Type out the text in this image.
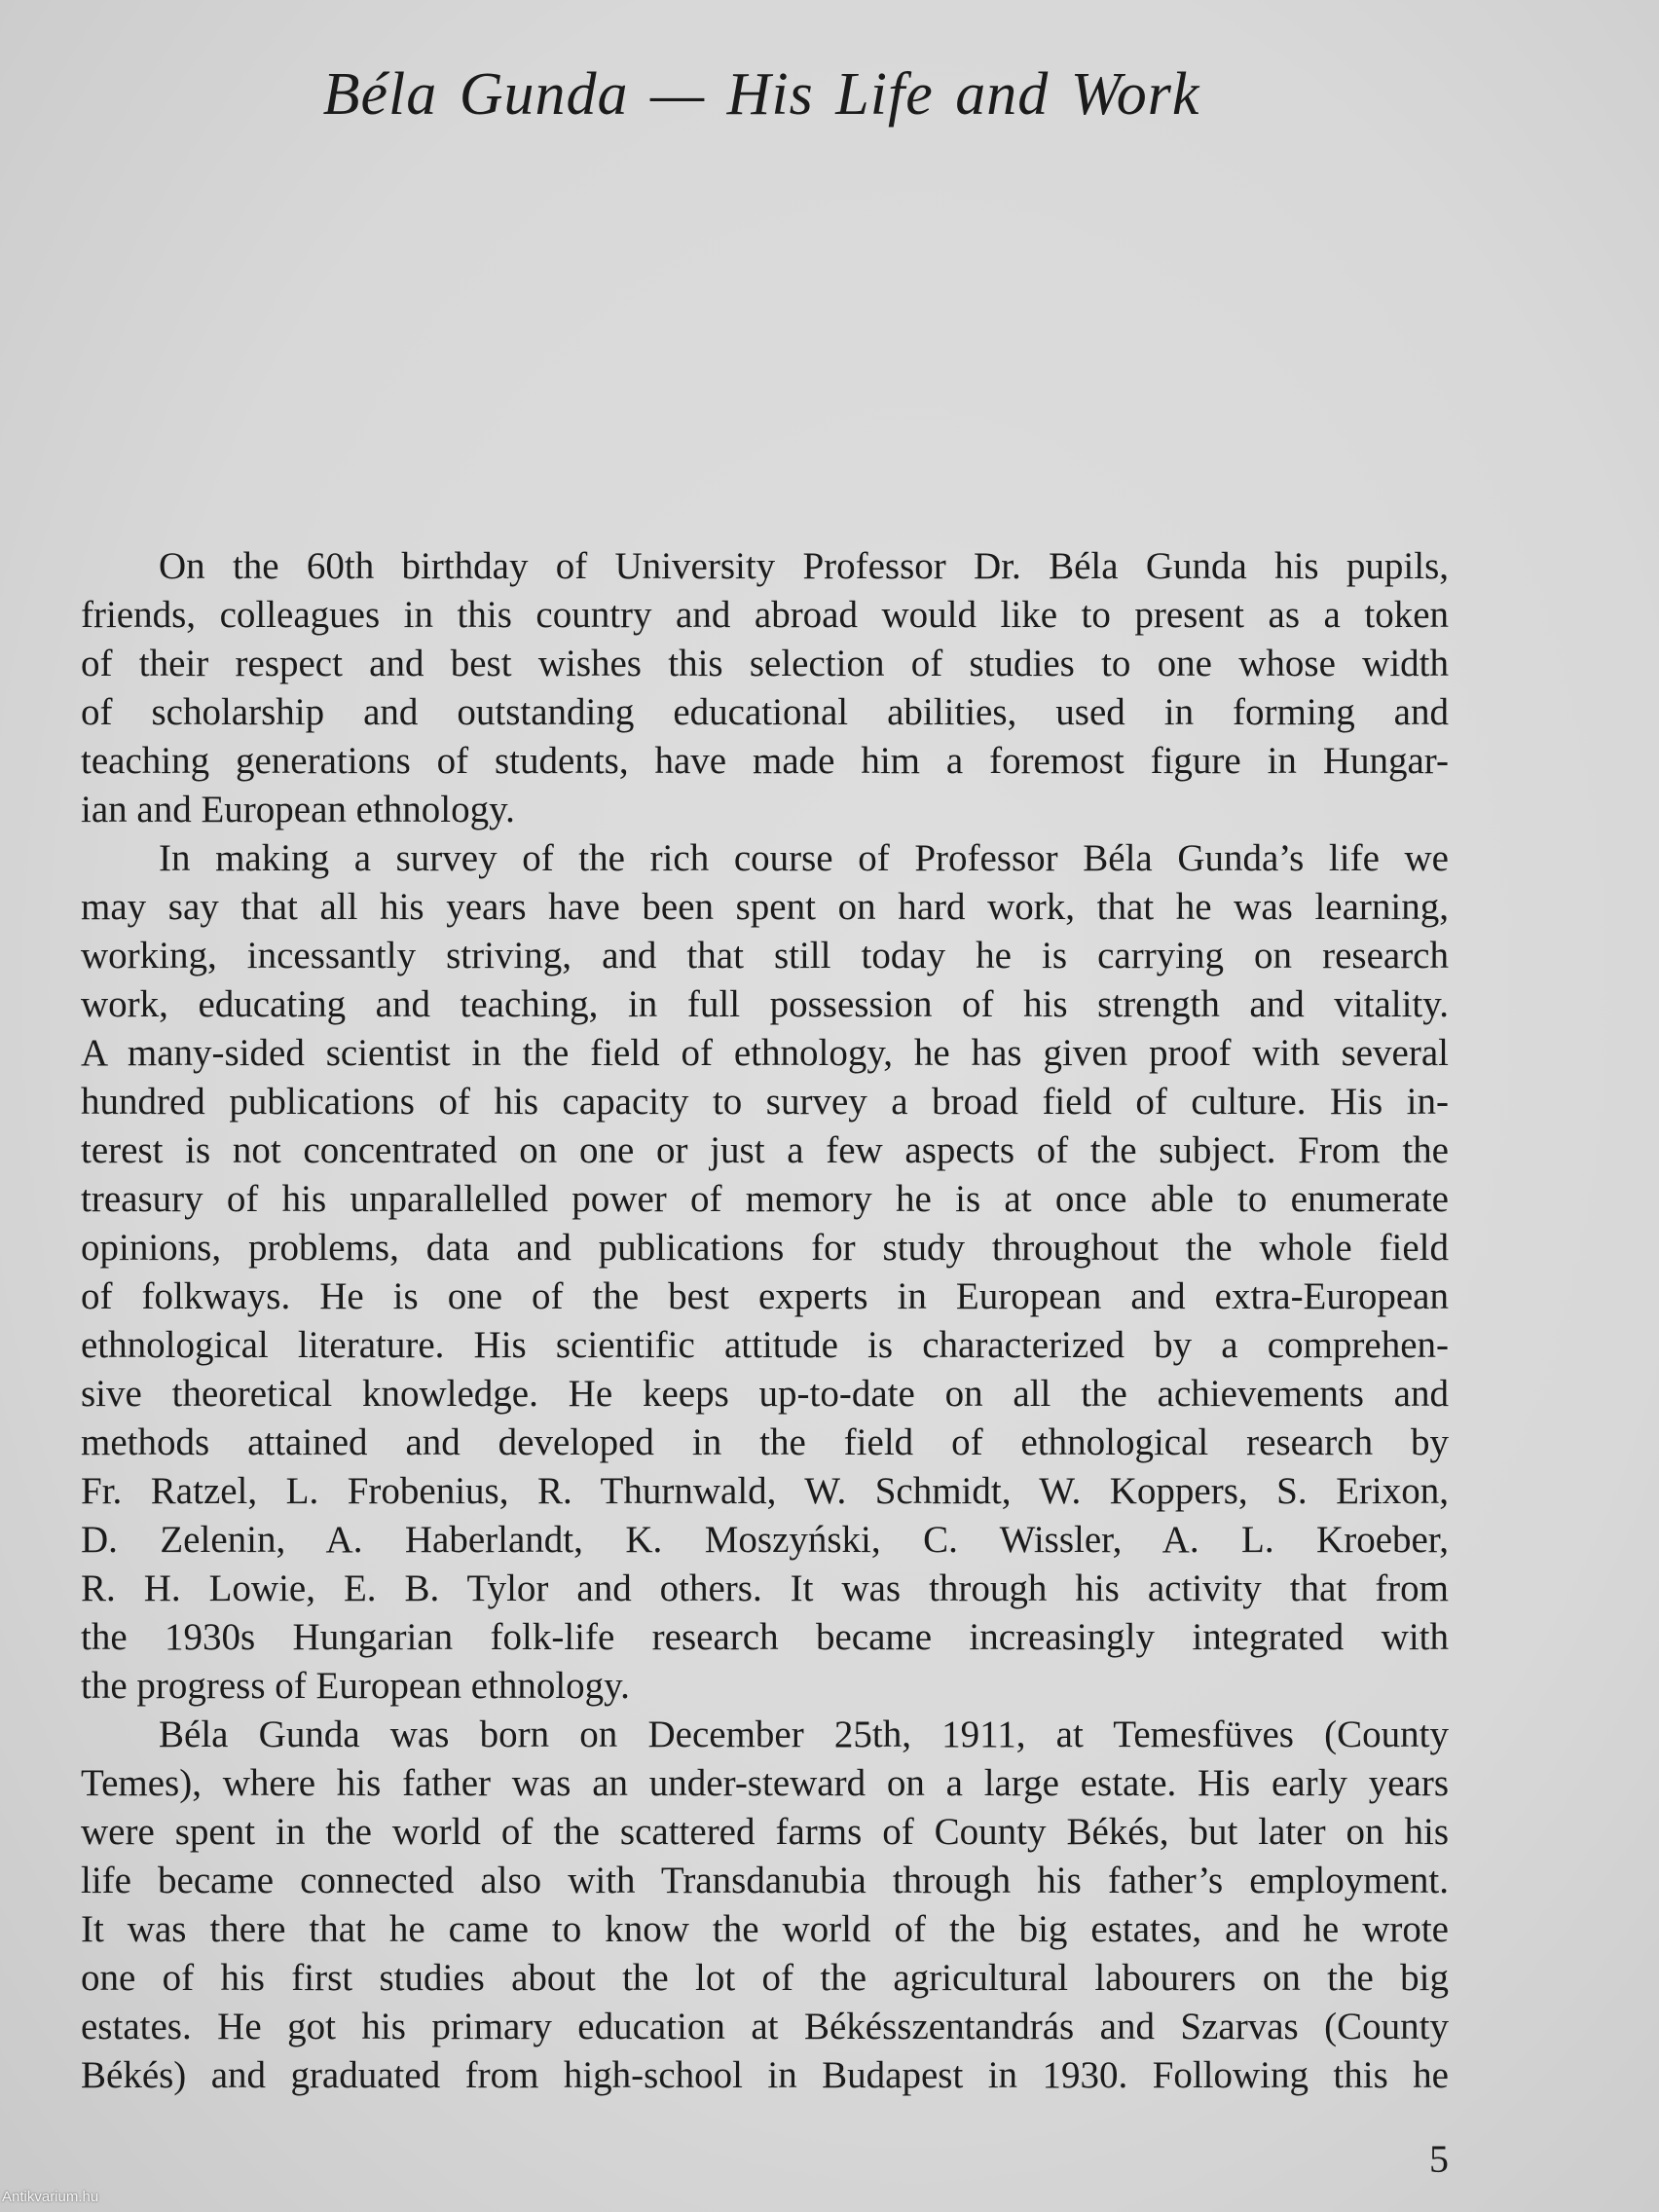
Béla Gunda — His Life and Work
On the 60th birthday of University Professor Dr. Béla Gunda his pupils,
friends, colleagues in this country and abroad would like to present as a token
of their respect and best wishes this selection of studies to one whose width
of scholarship and outstanding educational abilities, used in forming and
teaching generations of students, have made him a foremost figure in Hungar-
ian and European ethnology.
In making a survey of the rich course of Professor Béla Gunda’s life we
may say that all his years have been spent on hard work, that he was learning,
working, incessantly striving, and that still today he is carrying on research
work, educating and teaching, in full possession of his strength and vitality.
A many-sided scientist in the field of ethnology, he has given proof with several
hundred publications of his capacity to survey a broad field of culture. His in-
terest is not concentrated on one or just a few aspects of the subject. From the
treasury of his unparallelled power of memory he is at once able to enumerate
opinions, problems, data and publications for study throughout the whole field
of folkways. He is one of the best experts in European and extra-European
ethnological literature. His scientific attitude is characterized by a comprehen-
sive theoretical knowledge. He keeps up-to-date on all the achievements and
methods attained and developed in the field of ethnological research by
Fr. Ratzel, L. Frobenius, R. Thurnwald, W. Schmidt, W. Koppers, S. Erixon,
D. Zelenin, A. Haberlandt, K. Moszyński, C. Wissler, A. L. Kroeber,
R. H. Lowie, E. B. Tylor and others. It was through his activity that from
the 1930s Hungarian folk-life research became increasingly integrated with
the progress of European ethnology.
Béla Gunda was born on December 25th, 1911, at Temesfüves (County
Temes), where his father was an under-steward on a large estate. His early years
were spent in the world of the scattered farms of County Békés, but later on his
life became connected also with Transdanubia through his father’s employment.
It was there that he came to know the world of the big estates, and he wrote
one of his first studies about the lot of the agricultural labourers on the big
estates. He got his primary education at Békésszentandrás and Szarvas (County
Békés) and graduated from high-school in Budapest in 1930. Following this he
5
Antikvarium.hu
